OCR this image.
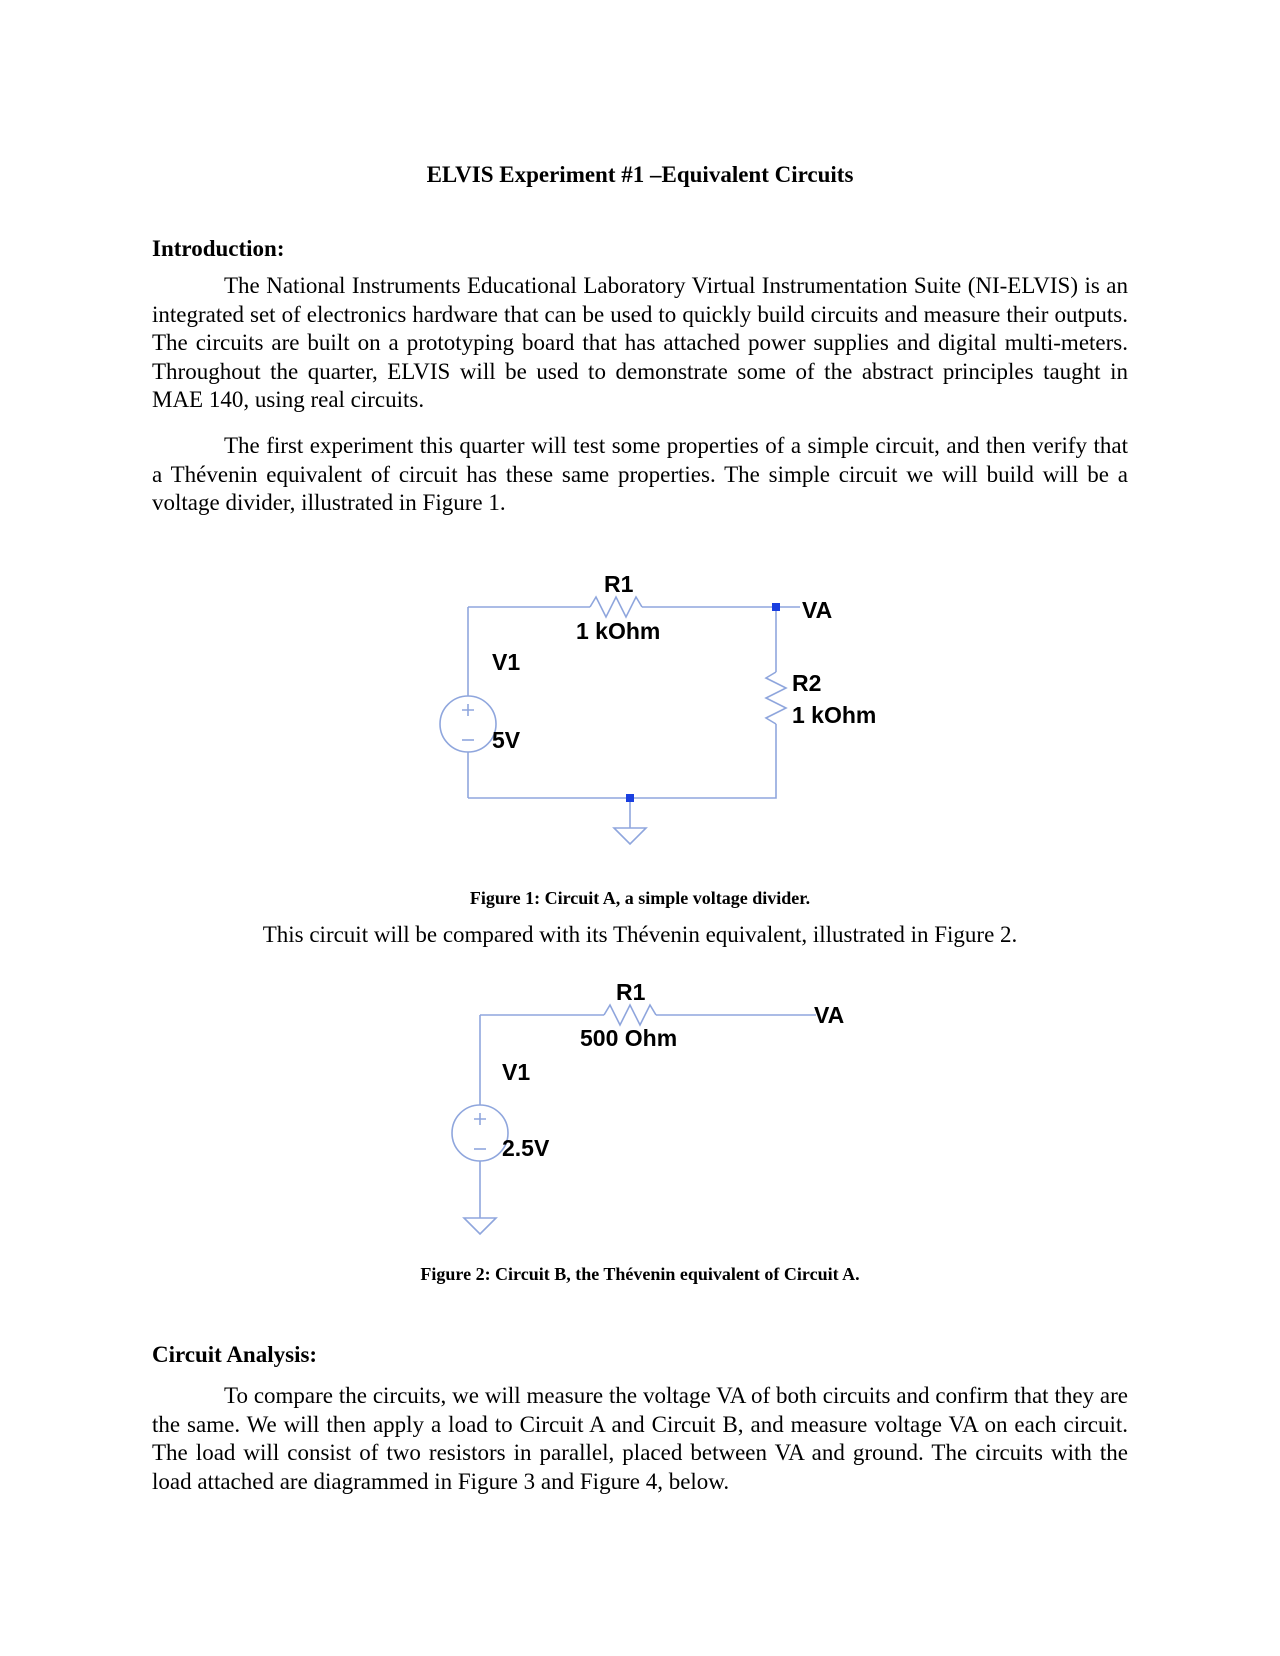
ELVIS Experiment #1 –Equivalent Circuits
Introduction:

The National Instruments Educational Laboratory Virtual Instrumentation Suite (NI-ELVIS) is an integrated set of electronics hardware that can be used to quickly build circuits and measure their outputs. The circuits are built on a prototyping board that has attached power supplies and digital multi-meters. Throughout the quarter, ELVIS will be used to demonstrate some of the abstract principles taught in MAE 140, using real circuits.

The first experiment this quarter will test some properties of a simple circuit, and then verify that a Thévenin equivalent of circuit has these same properties. The simple circuit we will build will be a voltage divider, illustrated in Figure 1.

R1
1 kOhm
VA
R2
1 kOhm
V1
5V
Figure 1: Circuit A, a simple voltage divider.
This circuit will be compared with its Thévenin equivalent, illustrated in Figure 2.
R1
500 Ohm
VA
V1
2.5V
Figure 2: Circuit B, the Thévenin equivalent of Circuit A.
Circuit Analysis:

To compare the circuits, we will measure the voltage VA of both circuits and confirm that they are the same. We will then apply a load to Circuit A and Circuit B, and measure voltage VA on each circuit. The load will consist of two resistors in parallel, placed between VA and ground. The circuits with the load attached are diagrammed in Figure 3 and Figure 4, below.
